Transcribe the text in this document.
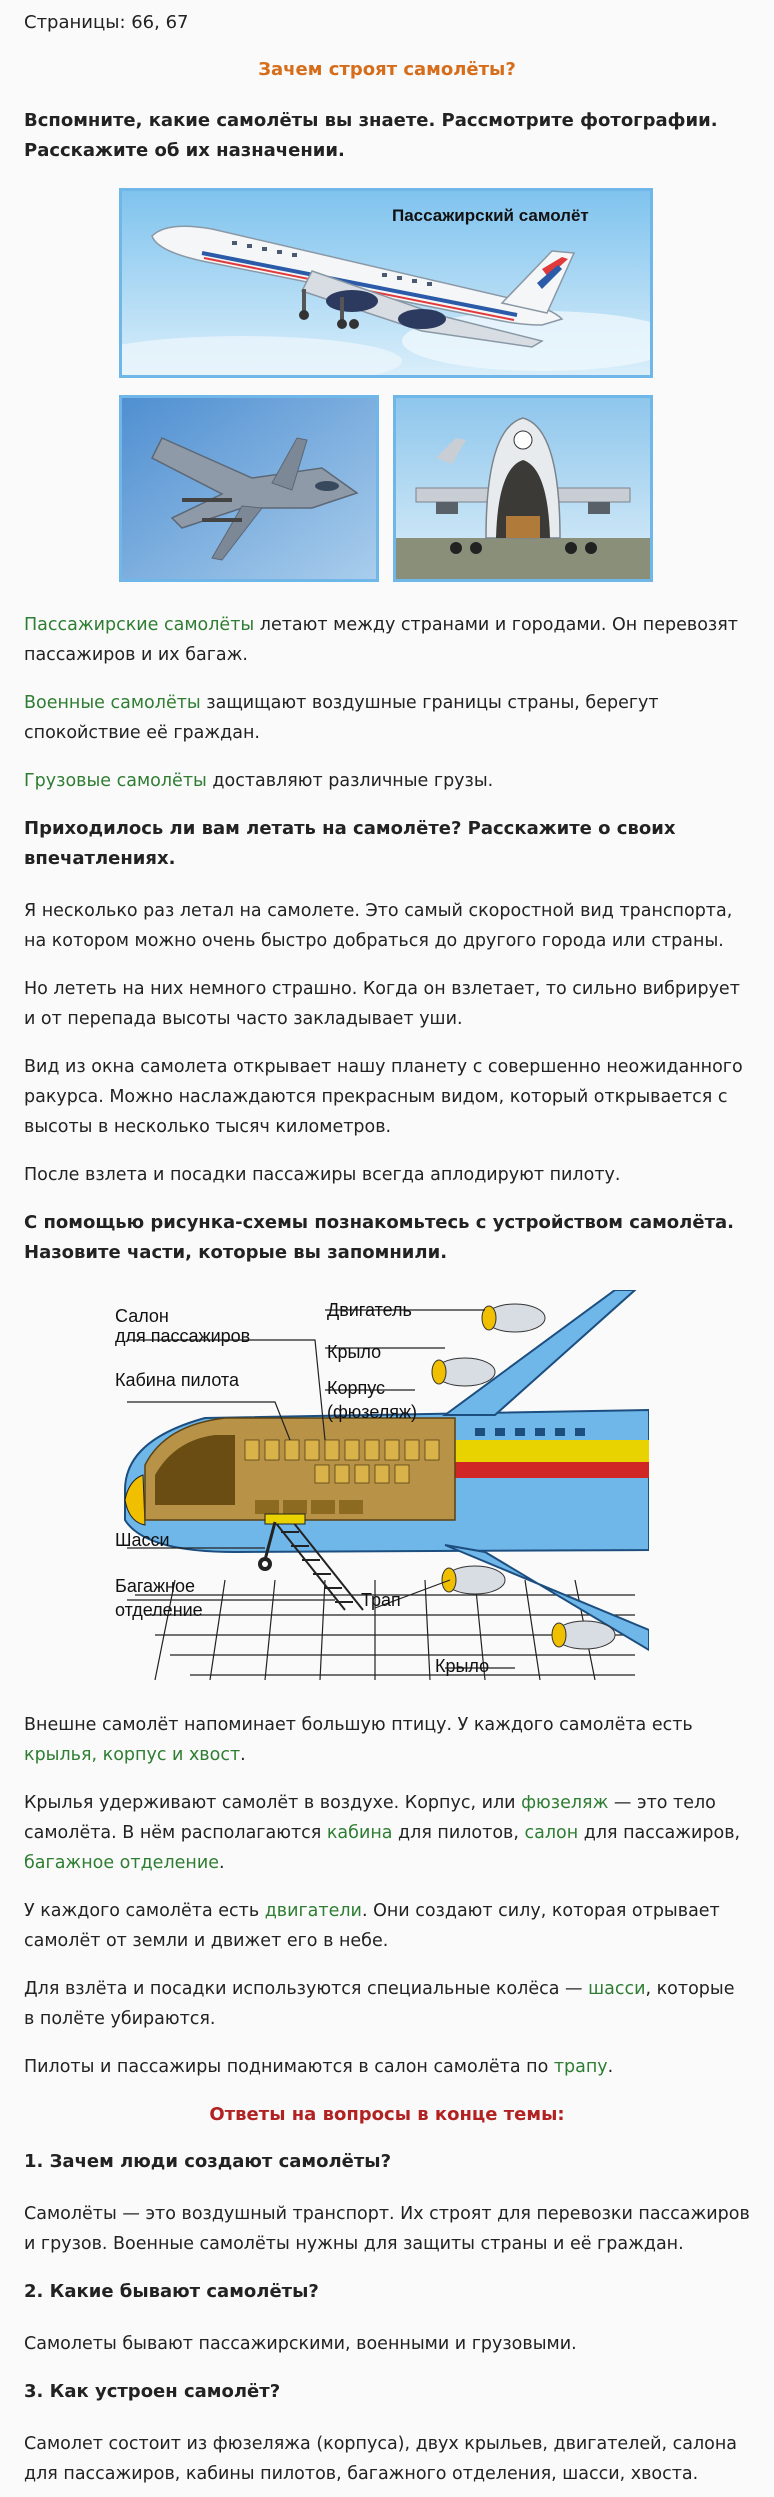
Страницы: 66, 67
Зачем строят самолёты?
Вспомните, какие самолёты вы знаете. Рассмотрите фотографии. Расскажите об их назначении.
Пассажирский самолёт

Пассажирские самолёты летают между странами и городами. Он перевозят пассажиров и их багаж.

Военные самолёты защищают воздушные границы страны, берегут спокойствие её граждан.

Грузовые самолёты доставляют различные грузы.

Приходилось ли вам летать на самолёте? Расскажите о своих впечатлениях.

Я несколько раз летал на самолете. Это самый скоростной вид транспорта, на котором можно очень быстро добраться до другого города или страны.

Но лететь на них немного страшно. Когда он взлетает, то сильно вибрирует и от перепада высоты часто закладывает уши.

Вид из окна самолета открывает нашу планету с совершенно неожиданного ракурса. Можно наслаждаются прекрасным видом, который открывается с высоты в несколько тысяч километров.

После взлета и посадки пассажиры всегда аплодируют пилоту.

С помощью рисунка-схемы познакомьтесь с устройством самолёта. Назовите части, которые вы запомнили.
Салон
для пассажиров
Кабина пилота
Шасси
Багажное
отделение
Двигатель
Крыло
Корпус
(фюзеляж)
Трап
Крыло

Внешне самолёт напоминает большую птицу. У каждого самолёта есть крылья, корпус и хвост.

Крылья удерживают самолёт в воздухе. Корпус, или фюзеляж — это тело самолёта. В нём располагаются кабина для пилотов, салон для пассажиров, багажное отделение.

У каждого самолёта есть двигатели. Они создают силу, которая отрывает самолёт от земли и движет его в небе.

Для взлёта и посадки используются специальные колёса — шасси, которые в полёте убираются.

Пилоты и пассажиры поднимаются в салон самолёта по трапу.

Ответы на вопросы в конце темы:
1. Зачем люди создают самолёты?

Самолёты — это воздушный транспорт. Их строят для перевозки пассажиров и грузов. Военные самолёты нужны для защиты страны и её граждан.

2. Какие бывают самолёты?

Самолеты бывают пассажирскими, военными и грузовыми.

3. Как устроен самолёт?

Самолет состоит из фюзеляжа (корпуса), двух крыльев, двигателей, салона для пассажиров, кабины пилотов, багажного отделения, шасси, хвоста.
